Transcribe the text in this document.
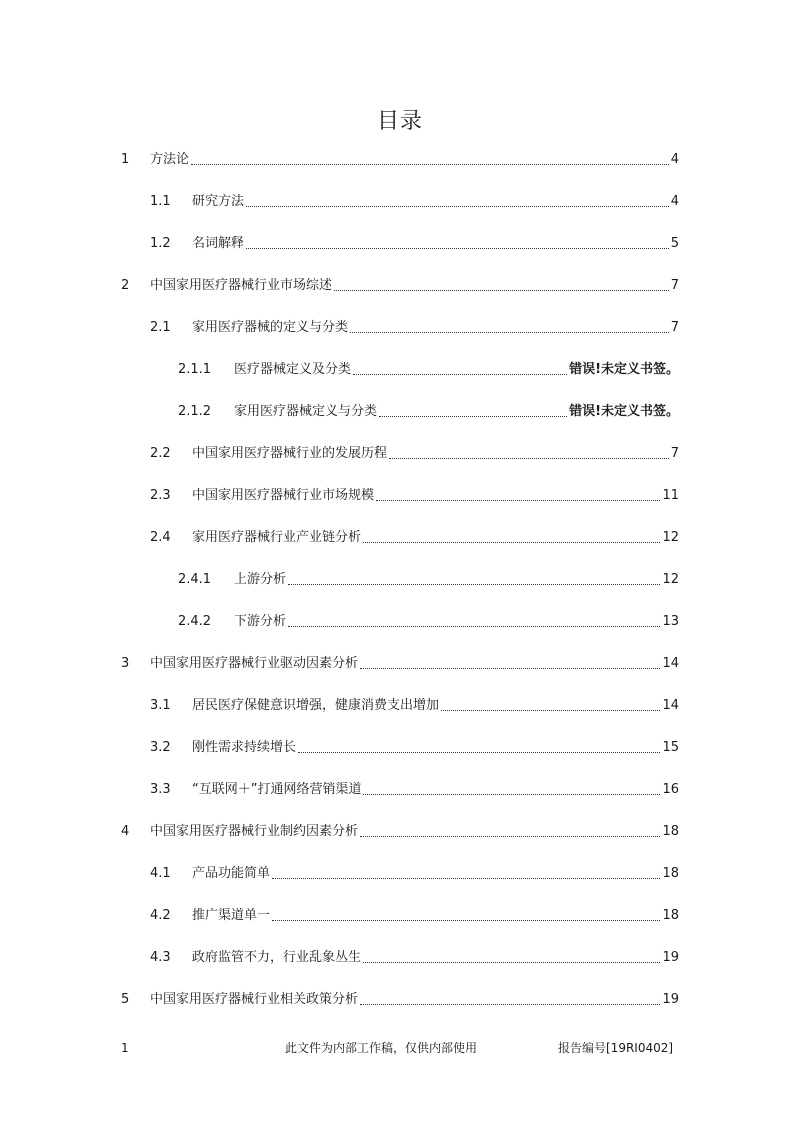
目录
1	方法论	4
1.1	研究方法	4
1.2	名词解释	5
2	中国家用医疗器械行业市场综述	7
2.1	家用医疗器械的定义与分类	7
2.1.1	医疗器械定义及分类	错误!未定义书签。
2.1.2	家用医疗器械定义与分类	错误!未定义书签。
2.2	中国家用医疗器械行业的发展历程	7
2.3	中国家用医疗器械行业市场规模	11
2.4	家用医疗器械行业产业链分析	12
2.4.1	上游分析	12
2.4.2	下游分析	13
3	中国家用医疗器械行业驱动因素分析	14
3.1	居民医疗保健意识增强，健康消费支出增加	14
3.2	刚性需求持续增长	15
3.3	“互联网＋”打通网络营销渠道	16
4	中国家用医疗器械行业制约因素分析	18
4.1	产品功能简单	18
4.2	推广渠道单一	18
4.3	政府监管不力，行业乱象丛生	19
5	中国家用医疗器械行业相关政策分析	19
1	此文件为内部工作稿，仅供内部使用	报告编号[19RI0402]
